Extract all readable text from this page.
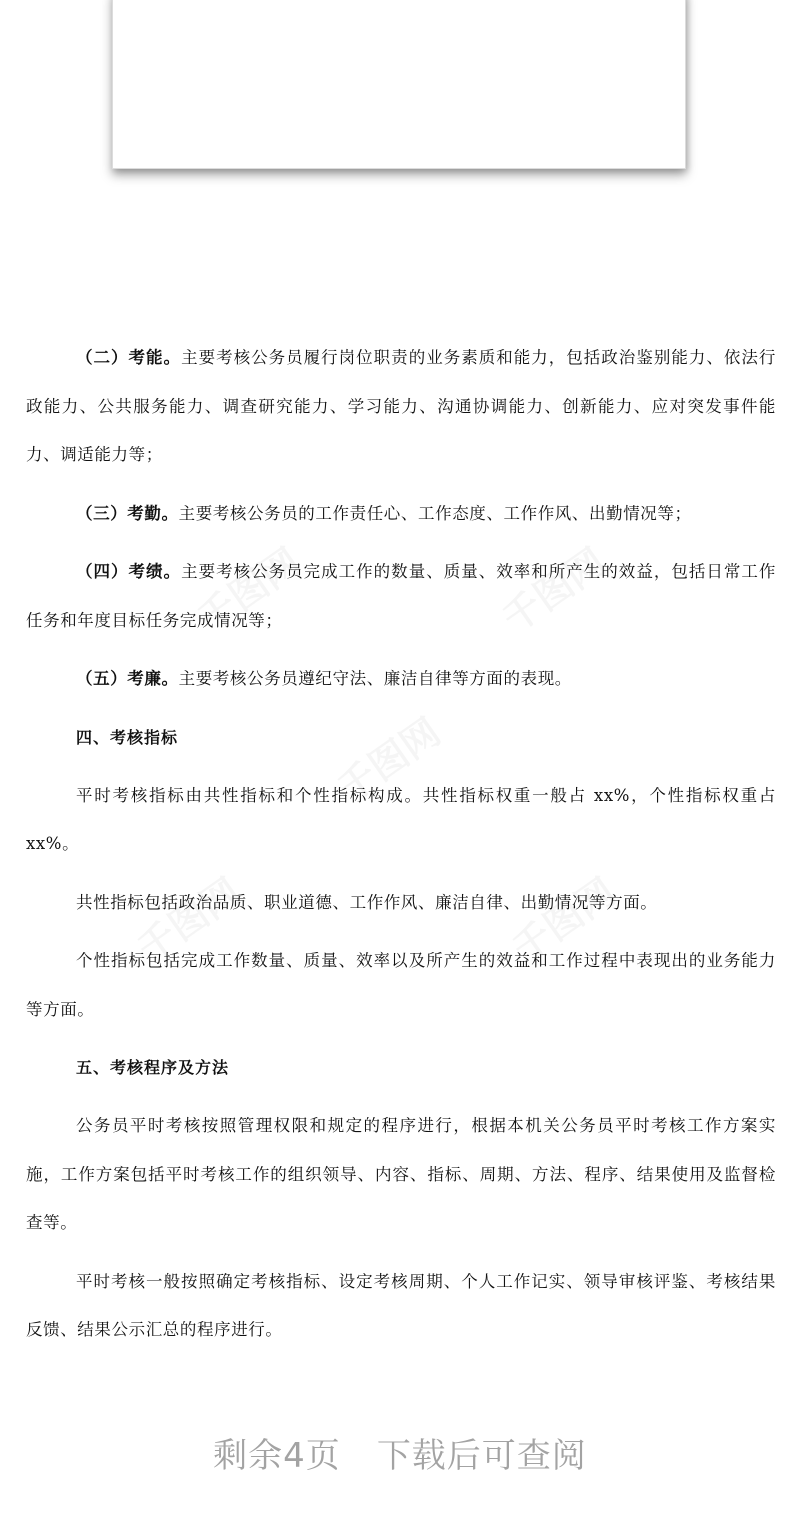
（二）考能。主要考核公务员履行岗位职责的业务素质和能力，包括政治鉴别能力、依法行政能力、公共服务能力、调查研究能力、学习能力、沟通协调能力、创新能力、应对突发事件能力、调适能力等；

（三）考勤。主要考核公务员的工作责任心、工作态度、工作作风、出勤情况等；

（四）考绩。主要考核公务员完成工作的数量、质量、效率和所产生的效益，包括日常工作任务和年度目标任务完成情况等；

（五）考廉。主要考核公务员遵纪守法、廉洁自律等方面的表现。

四、考核指标

平时考核指标由共性指标和个性指标构成。共性指标权重一般占 xx%，个性指标权重占xx%。

共性指标包括政治品质、职业道德、工作作风、廉洁自律、出勤情况等方面。

个性指标包括完成工作数量、质量、效率以及所产生的效益和工作过程中表现出的业务能力等方面。

五、考核程序及方法

公务员平时考核按照管理权限和规定的程序进行，根据本机关公务员平时考核工作方案实施，工作方案包括平时考核工作的组织领导、内容、指标、周期、方法、程序、结果使用及监督检查等。

平时考核一般按照确定考核指标、设定考核周期、个人工作记实、领导审核评鉴、考核结果反馈、结果公示汇总的程序进行。

剩余4页 下载后可查阅
